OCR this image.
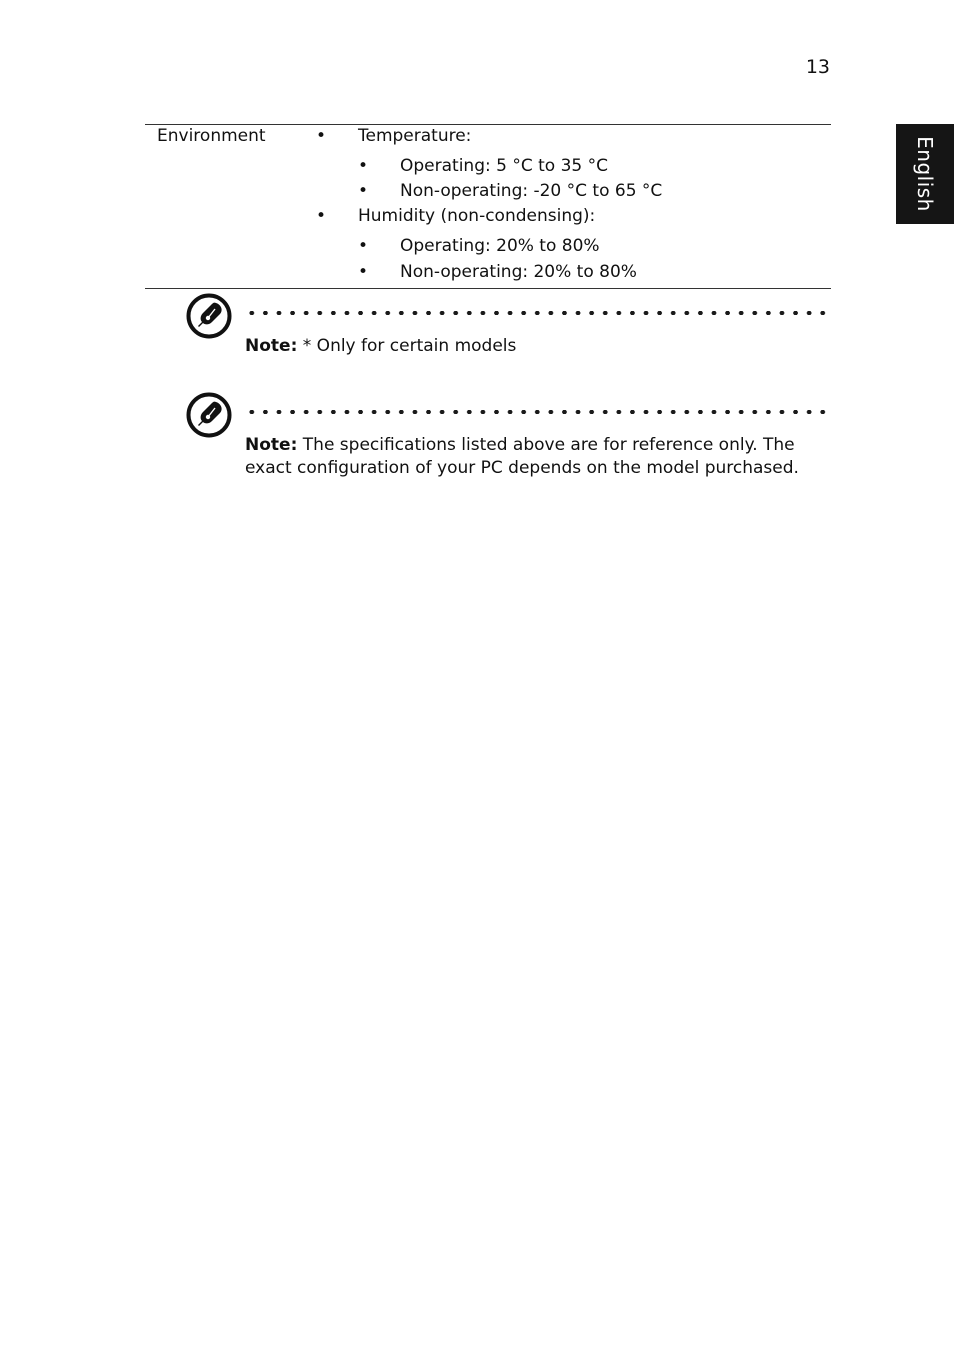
13
English
Environment	• Temperature:
• Operating: 5 °C to 35 °C
• Non-operating: -20 °C to 65 °C
• Humidity (non-condensing):
• Operating: 20% to 80%
• Non-operating: 20% to 80%
Note: * Only for certain models
Note: The specifications listed above are for reference only. The exact configuration of your PC depends on the model purchased.
